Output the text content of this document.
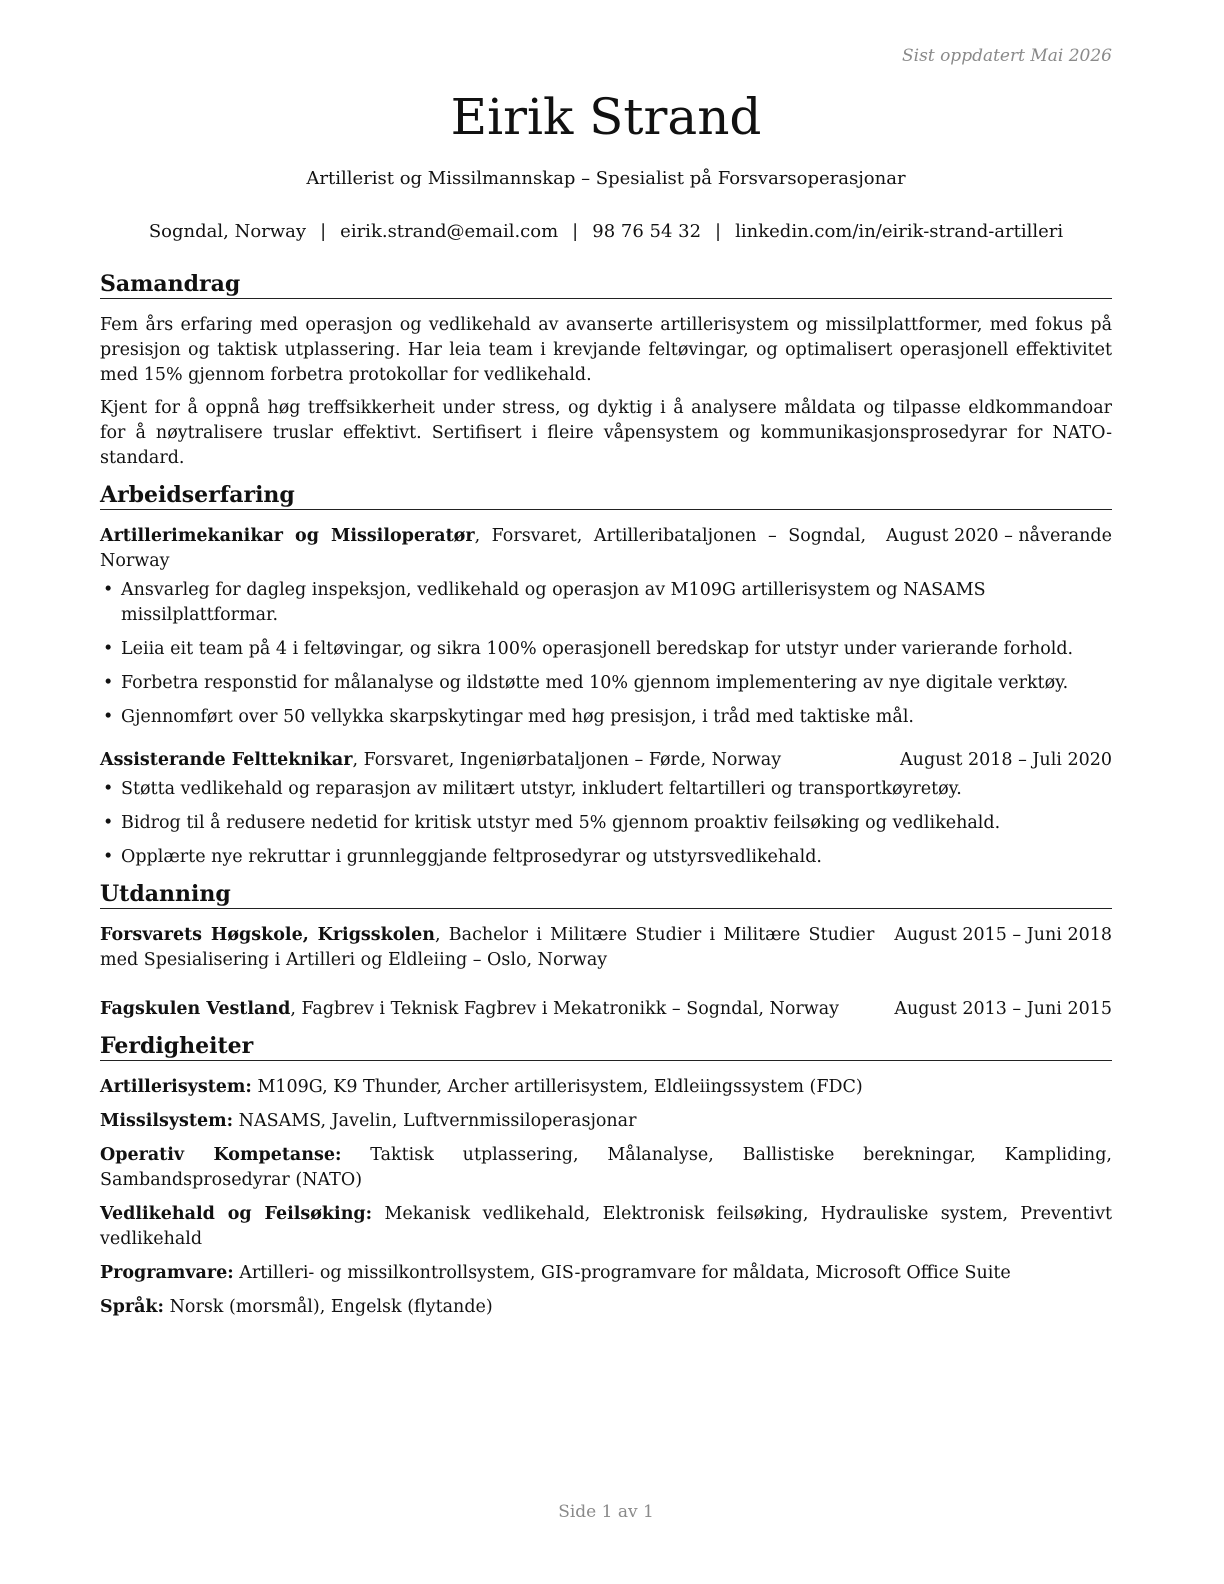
Sist oppdatert Mai 2026
Eirik Strand
Artillerist og Missilmannskap – Spesialist på Forsvarsoperasjonar
Sogndal, Norway | eirik.strand@email.com | 98 76 54 32 | linkedin.com/in/eirik-strand-artilleri
Samandrag

Fem års erfaring med operasjon og vedlikehald av avanserte artillerisystem og missilplattformer, med fokus på presisjon og taktisk utplassering. Har leia team i krevjande feltøvingar, og optimalisert operasjonell effektivitet med 15% gjennom forbetra protokollar for vedlikehald.

Kjent for å oppnå høg treffsikkerheit under stress, og dyktig i å analysere måldata og tilpasse eldkommandoar for å nøytralisere truslar effektivt. Sertifisert i fleire våpensystem og kommunikasjonsprosedyrar for NATO-standard.

Arbeidserfaring
Artillerimekanikar og Missiloperatør, Forsvaret, Artilleribataljonen – Sogndal, Norway
August 2020 – nåverande
• Ansvarleg for dagleg inspeksjon, vedlikehald og operasjon av M109G artillerisystem og NASAMS missilplattformar.
• Leiia eit team på 4 i feltøvingar, og sikra 100% operasjonell beredskap for utstyr under varierande forhold.
• Forbetra responstid for målanalyse og ildstøtte med 10% gjennom implementering av nye digitale verktøy.
• Gjennomført over 50 vellykka skarpskytingar med høg presisjon, i tråd med taktiske mål.
Assisterande Feltteknikar, Forsvaret, Ingeniørbataljonen – Førde, Norway	August 2018 – Juli 2020
• Støtta vedlikehald og reparasjon av militært utstyr, inkludert feltartilleri og transportkøyretøy.
• Bidrog til å redusere nedetid for kritisk utstyr med 5% gjennom proaktiv feilsøking og vedlikehald.
• Opplærte nye rekruttar i grunnleggjande feltprosedyrar og utstyrsvedlikehald.
Utdanning
Forsvarets Høgskole, Krigsskolen, Bachelor i Militære Studier i Militære Studier med Spesialisering i Artilleri og Eldleiing – Oslo, Norway
August 2015 – Juni 2018
Fagskulen Vestland, Fagbrev i Teknisk Fagbrev i Mekatronikk – Sogndal, Norway	August 2013 – Juni 2015
Ferdigheiter
Artillerisystem: M109G, K9 Thunder, Archer artillerisystem, Eldleiingssystem (FDC)
Missilsystem: NASAMS, Javelin, Luftvernmissiloperasjonar
Operativ Kompetanse: Taktisk utplassering, Målanalyse, Ballistiske berekningar, Kampliding, Sambandsprosedyrar (NATO)
Vedlikehald og Feilsøking: Mekanisk vedlikehald, Elektronisk feilsøking, Hydrauliske system, Preventivt vedlikehald
Programvare: Artilleri- og missilkontrollsystem, GIS-programvare for måldata, Microsoft Office Suite
Språk: Norsk (morsmål), Engelsk (flytande)
Side 1 av 1
